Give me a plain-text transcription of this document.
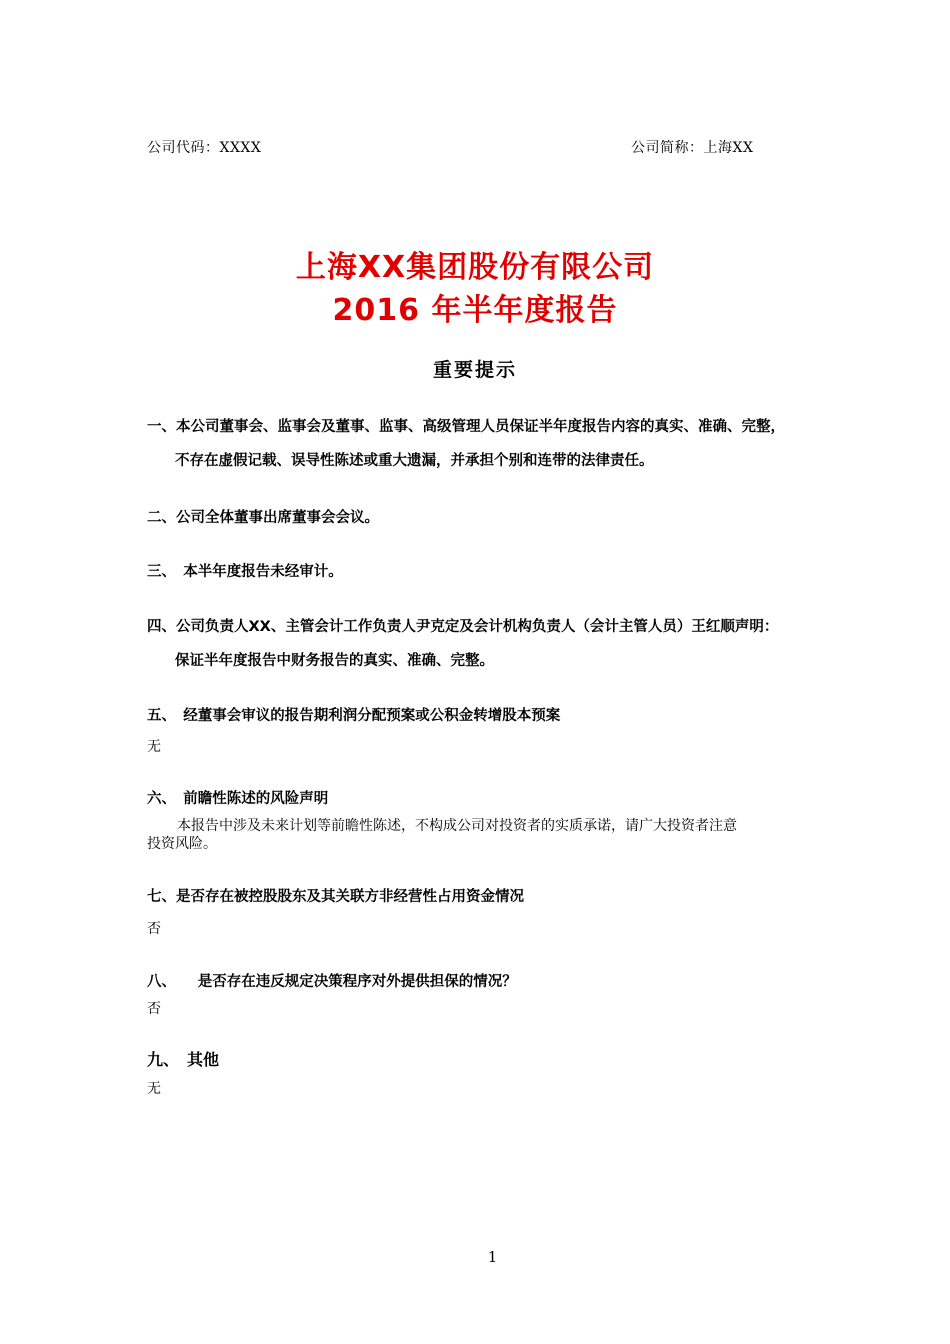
公司代码：XXXX	公司简称：上海XX
上海XX集团股份有限公司
2016 年半年度报告
重要提示
一、本公司董事会、监事会及董事、监事、高级管理人员保证半年度报告内容的真实、准确、完整，
不存在虚假记载、误导性陈述或重大遗漏，并承担个别和连带的法律责任。
二、公司全体董事出席董事会会议。
三、　本半年度报告未经审计。
四、公司负责人XX、主管会计工作负责人尹克定及会计机构负责人（会计主管人员）王红顺声明：
保证半年度报告中财务报告的真实、准确、完整。
五、　经董事会审议的报告期利润分配预案或公积金转增股本预案
无
六、　前瞻性陈述的风险声明
本报告中涉及未来计划等前瞻性陈述，不构成公司对投资者的实质承诺，请广大投资者注意
投资风险。
七、是否存在被控股股东及其关联方非经营性占用资金情况
否
八、　　是否存在违反规定决策程序对外提供担保的情况？
否
九、　其他
无
1
